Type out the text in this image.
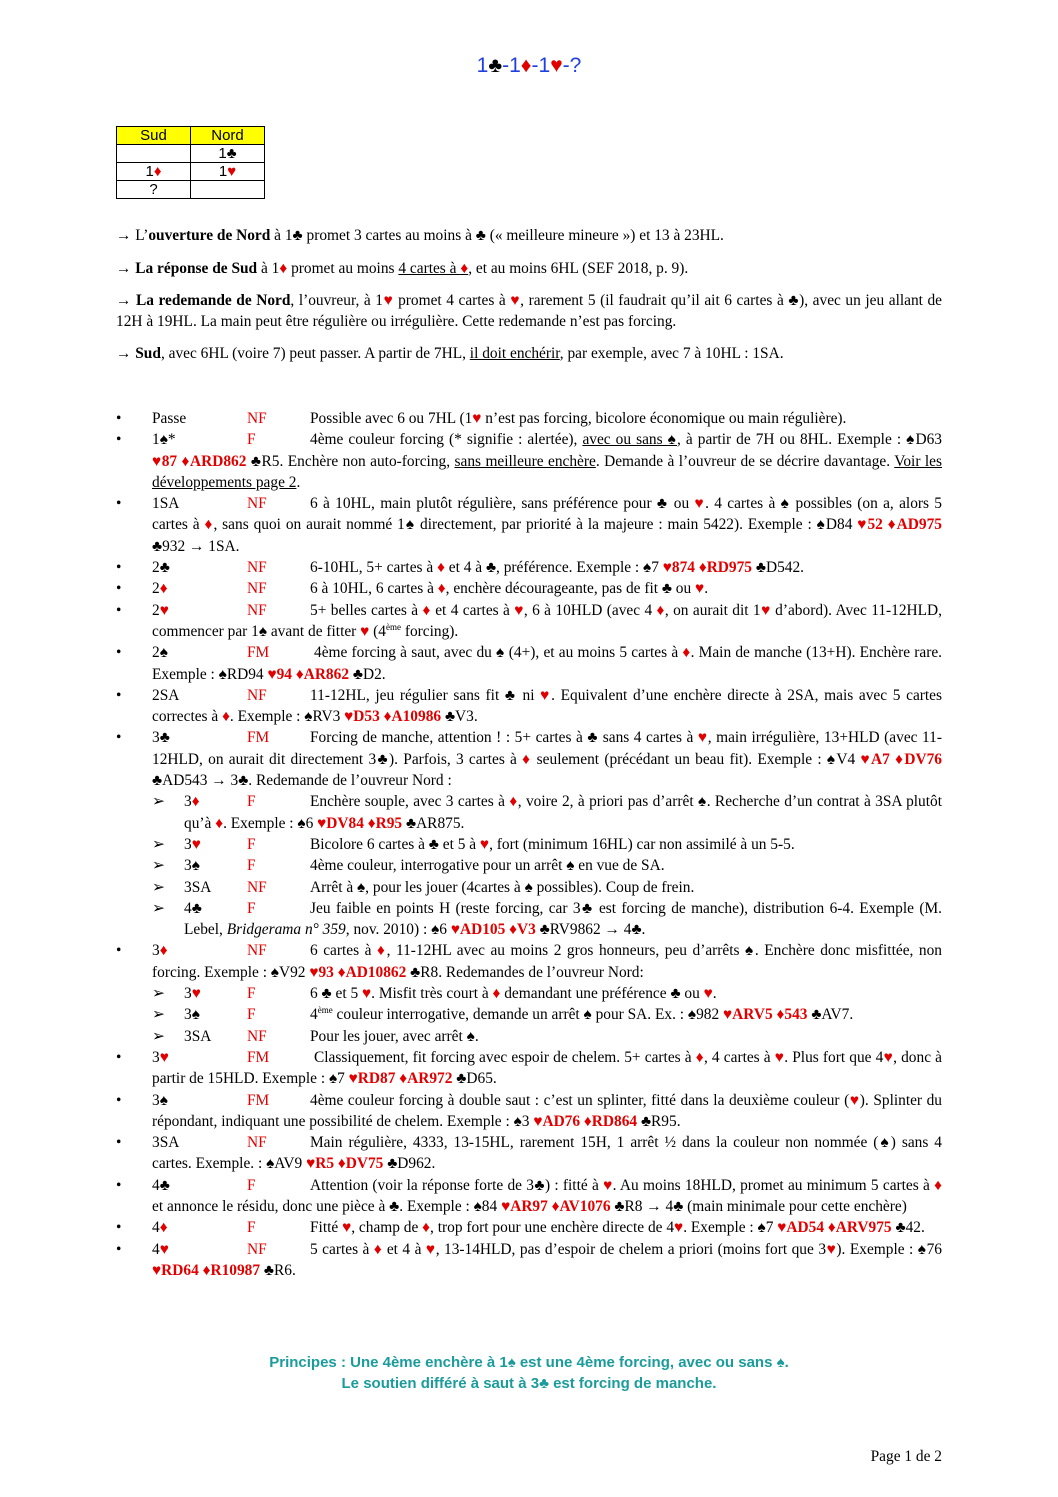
1♣-1♦-1♥-?
Sud	Nord
	1♣
1♦	1♥
?	
→ L’ouverture de Nord à 1♣ promet 3 cartes au moins à ♣ (« meilleure mineure ») et 13 à 23HL.
→ La réponse de Sud à 1♦ promet au moins 4 cartes à ♦, et au moins 6HL (SEF 2018, p. 9).
→ La redemande de Nord, l’ouvreur, à 1♥ promet 4 cartes à ♥, rarement 5 (il faudrait qu’il ait 6 cartes à ♣), avec un jeu allant de 12H à 19HL. La main peut être régulière ou irrégulière. Cette redemande n’est pas forcing.
→ Sud, avec 6HL (voire 7) peut passer. A partir de 7HL, il doit enchérir, par exemple, avec 7 à 10HL : 1SA.
• Passe	NF	Possible avec 6 ou 7HL (1♥ n’est pas forcing, bicolore économique ou main régulière).
• 1♠*	F	4ème couleur forcing (* signifie : alertée), avec ou sans ♠, à partir de 7H ou 8HL. Exemple : ♠D63 ♥87 ♦ARD862 ♣R5. Enchère non auto-forcing, sans meilleure enchère. Demande à l’ouvreur de se décrire davantage. Voir les développements page 2.
• 1SA	NF	6 à 10HL, main plutôt régulière, sans préférence pour ♣ ou ♥. 4 cartes à ♠ possibles (on a, alors 5 cartes à ♦, sans quoi on aurait nommé 1♠ directement, par priorité à la majeure : main 5422). Exemple : ♠D84 ♥52 ♦AD975 ♣932 → 1SA.
• 2♣	NF	6-10HL, 5+ cartes à ♦ et 4 à ♣, préférence. Exemple : ♠7 ♥874 ♦RD975 ♣D542.
• 2♦	NF	6 à 10HL, 6 cartes à ♦, enchère décourageante, pas de fit ♣ ou ♥.
• 2♥	NF	5+ belles cartes à ♦ et 4 cartes à ♥, 6 à 10HLD (avec 4 ♦, on aurait dit 1♥ d’abord). Avec 11-12HLD, commencer par 1♠ avant de fitter ♥ (4ème forcing).
• 2♠	FM	4ème forcing à saut, avec du ♠ (4+), et au moins 5 cartes à ♦. Main de manche (13+H). Enchère rare. Exemple : ♠RD94 ♥94 ♦AR862 ♣D2.
• 2SA	NF	11-12HL, jeu régulier sans fit ♣ ni ♥. Equivalent d’une enchère directe à 2SA, mais avec 5 cartes correctes à ♦. Exemple : ♠RV3 ♥D53 ♦A10986 ♣V3.
• 3♣	FM	Forcing de manche, attention ! : 5+ cartes à ♣ sans 4 cartes à ♥, main irrégulière, 13+HLD (avec 11-12HLD, on aurait dit directement 3♣). Parfois, 3 cartes à ♦ seulement (précédant un beau fit). Exemple : ♠V4 ♥A7 ♦DV76 ♣AD543 → 3♣. Redemande de l’ouvreur Nord :
➢ 3♦	F	Enchère souple, avec 3 cartes à ♦, voire 2, à priori pas d’arrêt ♠. Recherche d’un contrat à 3SA plutôt qu’à ♦. Exemple : ♠6 ♥DV84 ♦R95 ♣AR875.
➢ 3♥	F	Bicolore 6 cartes à ♣ et 5 à ♥, fort (minimum 16HL) car non assimilé à un 5-5.
➢ 3♠	F	4ème couleur, interrogative pour un arrêt ♠ en vue de SA.
➢ 3SA NF	Arrêt à ♠, pour les jouer (4cartes à ♠ possibles). Coup de frein.
➢ 4♣	F	Jeu faible en points H (reste forcing, car 3♣ est forcing de manche), distribution 6-4. Exemple (M. Lebel, Bridgerama n° 359, nov. 2010) : ♠6 ♥AD105 ♦V3 ♣RV9862 → 4♣.
• 3♦	NF	6 cartes à ♦, 11-12HL avec au moins 2 gros honneurs, peu d’arrêts ♠. Enchère donc misfittée, non forcing. Exemple : ♠V92 ♥93 ♦AD10862 ♣R8. Redemandes de l’ouvreur Nord:
➢ 3♥	F	6 ♣ et 5 ♥. Misfit très court à ♦ demandant une préférence ♣ ou ♥.
➢ 3♠	F	4ème couleur interrogative, demande un arrêt ♠ pour SA. Ex. : ♠982 ♥ARV5 ♦543 ♣AV7.
➢ 3SA NF	Pour les jouer, avec arrêt ♠.
• 3♥	FM	Classiquement, fit forcing avec espoir de chelem. 5+ cartes à ♦, 4 cartes à ♥. Plus fort que 4♥, donc à partir de 15HLD. Exemple : ♠7 ♥RD87 ♦AR972 ♣D65.
• 3♠	FM	4ème couleur forcing à double saut : c’est un splinter, fitté dans la deuxième couleur (♥). Splinter du répondant, indiquant une possibilité de chelem. Exemple : ♠3 ♥AD76 ♦RD864 ♣R95.
• 3SA	NF	Main régulière, 4333, 13-15HL, rarement 15H, 1 arrêt ½ dans la couleur non nommée (♠) sans 4 cartes. Exemple. : ♠AV9 ♥R5 ♦DV75 ♣D962.
• 4♣	F	Attention (voir la réponse forte de 3♣) : fitté à ♥. Au moins 18HLD, promet au minimum 5 cartes à ♦ et annonce le résidu, donc une pièce à ♣. Exemple : ♠84 ♥AR97 ♦AV1076 ♣R8 → 4♣ (main minimale pour cette enchère)
• 4♦	F	Fitté ♥, champ de ♦, trop fort pour une enchère directe de 4♥. Exemple : ♠7 ♥AD54 ♦ARV975 ♣42.
• 4♥	NF	5 cartes à ♦ et 4 à ♥, 13-14HLD, pas d’espoir de chelem a priori (moins fort que 3♥). Exemple : ♠76 ♥RD64 ♦R10987 ♣R6.
Principes : Une 4ème enchère à 1♠ est une 4ème forcing, avec ou sans ♠.
Le soutien différé à saut à 3♣ est forcing de manche.
Page 1 de 2
